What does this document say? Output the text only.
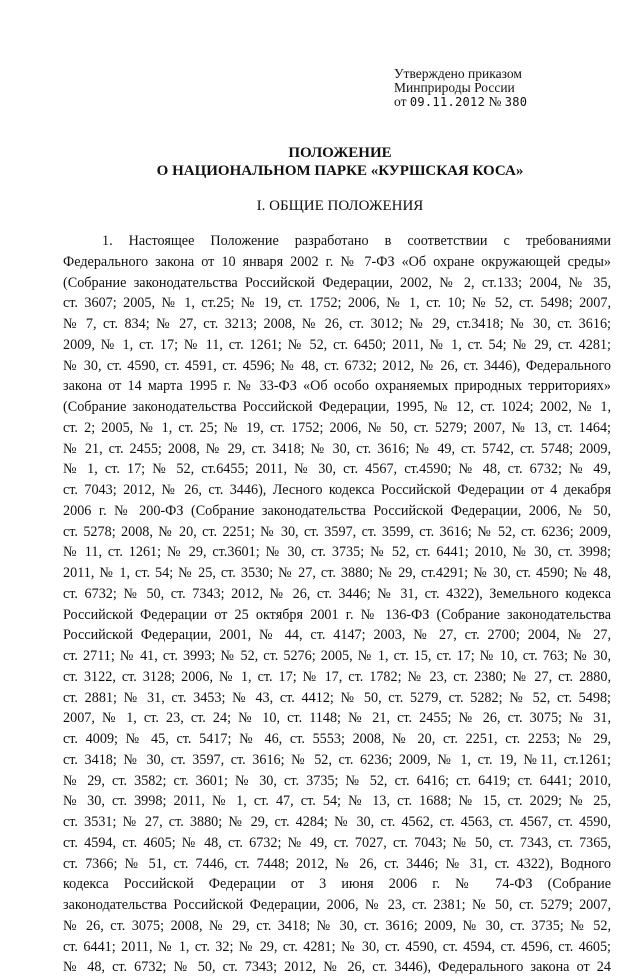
Утверждено приказом
Минприроды России
от 09.11.2012 № 380
ПОЛОЖЕНИЕ
О НАЦИОНАЛЬНОМ ПАРКЕ «КУРШСКАЯ КОСА»
I. ОБЩИЕ ПОЛОЖЕНИЯ
1. Настоящее Положение разработано в соответствии с требованиями
Федерального закона от 10 января 2002 г. № 7-ФЗ «Об охране окружающей среды»
(Собрание законодательства Российской Федерации, 2002, № 2, ст.133; 2004, № 35,
ст. 3607; 2005, № 1, ст.25; № 19, ст. 1752; 2006, № 1, ст. 10; № 52, ст. 5498; 2007,
№ 7, ст. 834; № 27, ст. 3213; 2008, № 26, ст. 3012; № 29, ст.3418; № 30, ст. 3616;
2009, № 1, ст. 17; № 11, ст. 1261; № 52, ст. 6450; 2011, № 1, ст. 54; № 29, ст. 4281;
№ 30, ст. 4590, ст. 4591, ст. 4596; № 48, ст. 6732; 2012, № 26, ст. 3446), Федерального
закона от 14 марта 1995 г. № 33-ФЗ «Об особо охраняемых природных территориях»
(Собрание законодательства Российской Федерации, 1995, № 12, ст. 1024; 2002, № 1,
ст. 2; 2005, № 1, ст. 25; № 19, ст. 1752; 2006, № 50, ст. 5279; 2007, № 13, ст. 1464;
№ 21, ст. 2455; 2008, № 29, ст. 3418; № 30, ст. 3616; № 49, ст. 5742, ст. 5748; 2009,
№ 1, ст. 17; № 52, ст.6455; 2011, № 30, ст. 4567, ст.4590; № 48, ст. 6732; № 49,
ст. 7043; 2012, № 26, ст. 3446), Лесного кодекса Российской Федерации от 4 декабря
2006 г. № 200-ФЗ (Собрание законодательства Российской Федерации, 2006, № 50,
ст. 5278; 2008, № 20, ст. 2251; № 30, ст. 3597, ст. 3599, ст. 3616; № 52, ст. 6236; 2009,
№ 11, ст. 1261; № 29, ст.3601; № 30, ст. 3735; № 52, ст. 6441; 2010, № 30, ст. 3998;
2011, № 1, ст. 54; № 25, ст. 3530; № 27, ст. 3880; № 29, ст.4291; № 30, ст. 4590; № 48,
ст. 6732; № 50, ст. 7343; 2012, № 26, ст. 3446; № 31, ст. 4322), Земельного кодекса
Российской Федерации от 25 октября 2001 г. № 136-ФЗ (Собрание законодательства
Российской Федерации, 2001, № 44, ст. 4147; 2003, № 27, ст. 2700; 2004, № 27,
ст. 2711; № 41, ст. 3993; № 52, ст. 5276; 2005, № 1, ст. 15, ст. 17; № 10, ст. 763; № 30,
ст. 3122, ст. 3128; 2006, № 1, ст. 17; № 17, ст. 1782; № 23, ст. 2380; № 27, ст. 2880,
ст. 2881; № 31, ст. 3453; № 43, ст. 4412; № 50, ст. 5279, ст. 5282; № 52, ст. 5498;
2007, № 1, ст. 23, ст. 24; № 10, ст. 1148; № 21, ст. 2455; № 26, ст. 3075; № 31,
ст. 4009; № 45, ст. 5417; № 46, ст. 5553; 2008, № 20, ст. 2251, ст. 2253; № 29,
ст. 3418; № 30, ст. 3597, ст. 3616; № 52, ст. 6236; 2009, № 1, ст. 19, №11, ст.1261;
№ 29, ст. 3582; ст. 3601; № 30, ст. 3735; № 52, ст. 6416; ст. 6419; ст. 6441; 2010,
№ 30, ст. 3998; 2011, № 1, ст. 47, ст. 54; № 13, ст. 1688; № 15, ст. 2029; № 25,
ст. 3531; № 27, ст. 3880; № 29, ст. 4284; № 30, ст. 4562, ст. 4563, ст. 4567, ст. 4590,
ст. 4594, ст. 4605; № 48, ст. 6732; № 49, ст. 7027, ст. 7043; № 50, ст. 7343, ст. 7365,
ст. 7366; № 51, ст. 7446, ст. 7448; 2012, № 26, ст. 3446; № 31, ст. 4322), Водного
кодекса Российской Федерации от 3 июня 2006 г. № 74-ФЗ (Собрание
законодательства Российской Федерации, 2006, № 23, ст. 2381; № 50, ст. 5279; 2007,
№ 26, ст. 3075; 2008, № 29, ст. 3418; № 30, ст. 3616; 2009, № 30, ст. 3735; № 52,
ст. 6441; 2011, № 1, ст. 32; № 29, ст. 4281; № 30, ст. 4590, ст. 4594, ст. 4596, ст. 4605;
№ 48, ст. 6732; № 50, ст. 7343; 2012, № 26, ст. 3446), Федерального закона от 24
